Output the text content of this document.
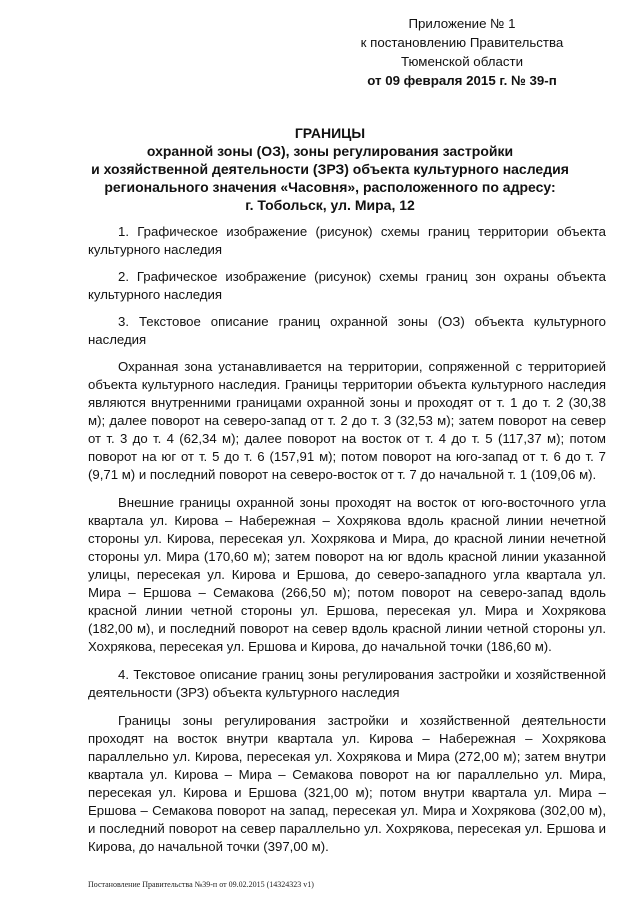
Приложение № 1
к постановлению Правительства
Тюменской области
от 09 февраля 2015 г. № 39-п
ГРАНИЦЫ
охранной зоны (ОЗ), зоны регулирования застройки
и хозяйственной деятельности (ЗРЗ) объекта культурного наследия
регионального значения «Часовня», расположенного по адресу:
г. Тобольск, ул. Мира, 12

1. Графическое изображение (рисунок) схемы границ территории объекта культурного наследия

2. Графическое изображение (рисунок) схемы границ зон охраны объекта культурного наследия

3. Текстовое описание границ охранной зоны (ОЗ) объекта культурного наследия

Охранная зона устанавливается на территории, сопряженной с территорией объекта культурного наследия. Границы территории объекта культурного наследия являются внутренними границами охранной зоны и проходят от т. 1 до т. 2 (30,38 м); далее поворот на северо-запад от т. 2 до т. 3 (32,53 м); затем поворот на север от т. 3 до т. 4 (62,34 м); далее поворот на восток от т. 4 до т. 5 (117,37 м); потом поворот на юг от т. 5 до т. 6 (157,91 м); потом поворот на юго-запад от т. 6 до т. 7 (9,71 м) и последний поворот на северо-восток от т. 7 до начальной т. 1 (109,06 м).

Внешние границы охранной зоны проходят на восток от юго-восточного угла квартала ул. Кирова – Набережная – Хохрякова вдоль красной линии нечетной стороны ул. Кирова, пересекая ул. Хохрякова и Мира, до красной линии нечетной стороны ул. Мира (170,60 м); затем поворот на юг вдоль красной линии указанной улицы, пересекая ул. Кирова и Ершова, до северо-западного угла квартала ул. Мира – Ершова – Семакова (266,50 м); потом поворот на северо-запад вдоль красной линии четной стороны ул. Ершова, пересекая ул. Мира и Хохрякова (182,00 м), и последний поворот на север вдоль красной линии четной стороны ул. Хохрякова, пересекая ул. Ершова и Кирова, до начальной точки (186,60 м).

4. Текстовое описание границ зоны регулирования застройки и хозяйственной деятельности (ЗРЗ) объекта культурного наследия

Границы зоны регулирования застройки и хозяйственной деятельности проходят на восток внутри квартала ул. Кирова – Набережная – Хохрякова параллельно ул. Кирова, пересекая ул. Хохрякова и Мира (272,00 м); затем внутри квартала ул. Кирова – Мира – Семакова поворот на юг параллельно ул. Мира, пересекая ул. Кирова и Ершова (321,00 м); потом внутри квартала ул. Мира – Ершова – Семакова поворот на запад, пересекая ул. Мира и Хохрякова (302,00 м), и последний поворот на север параллельно ул. Хохрякова, пересекая ул. Ершова и Кирова, до начальной точки (397,00 м).

Постановление Правительства №39-п от 09.02.2015 (14324323 v1)
